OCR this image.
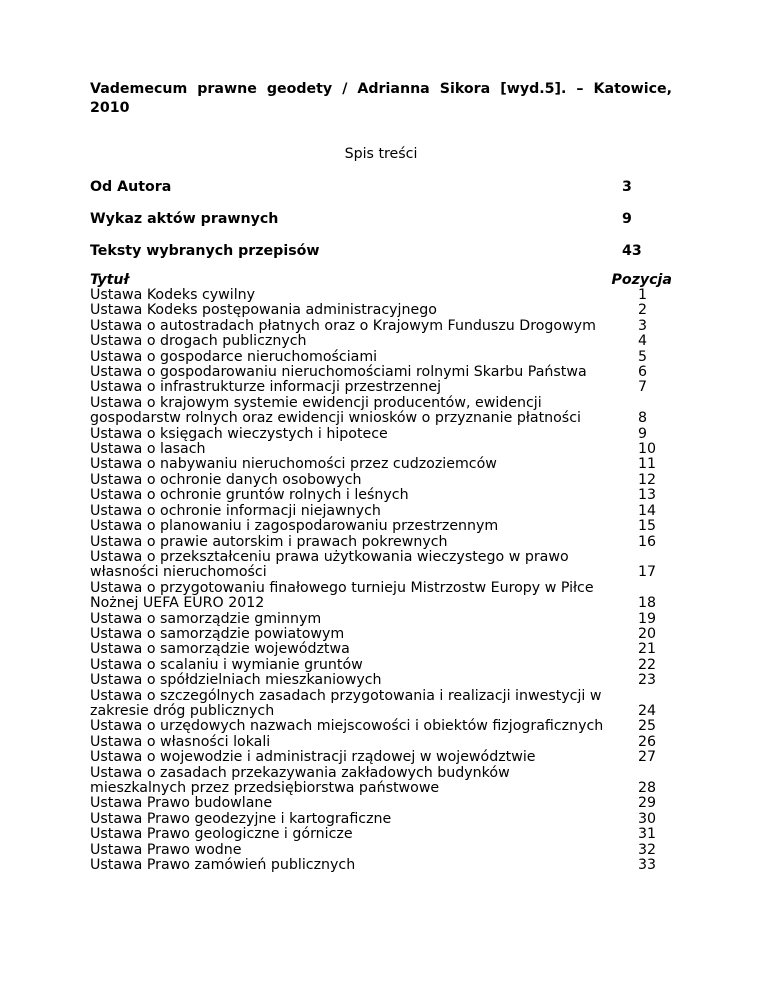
Vademecum prawne geodety / Adrianna Sikora [wyd.5]. – Katowice, 2010
Spis treści
Od Autora	3
Wykaz aktów prawnych	9
Teksty wybranych przepisów	43
Tytuł	Pozycja
Ustawa Kodeks cywilny	1
Ustawa Kodeks postępowania administracyjnego	2
Ustawa o autostradach płatnych oraz o Krajowym Funduszu Drogowym	3
Ustawa o drogach publicznych	4
Ustawa o gospodarce nieruchomościami	5
Ustawa o gospodarowaniu nieruchomościami rolnymi Skarbu Państwa	6
Ustawa o infrastrukturze informacji przestrzennej	7
Ustawa o krajowym systemie ewidencji producentów, ewidencji gospodarstw rolnych oraz ewidencji wniosków o przyznanie płatności	8
Ustawa o księgach wieczystych i hipotece	9
Ustawa o lasach	10
Ustawa o nabywaniu nieruchomości przez cudzoziemców	11
Ustawa o ochronie danych osobowych	12
Ustawa o ochronie gruntów rolnych i leśnych	13
Ustawa o ochronie informacji niejawnych	14
Ustawa o planowaniu i zagospodarowaniu przestrzennym	15
Ustawa o prawie autorskim i prawach pokrewnych	16
Ustawa o przekształceniu prawa użytkowania wieczystego w prawo własności nieruchomości	17
Ustawa o przygotowaniu finałowego turnieju Mistrzostw Europy w Piłce Nożnej UEFA EURO 2012	18
Ustawa o samorządzie gminnym	19
Ustawa o samorządzie powiatowym	20
Ustawa o samorządzie województwa	21
Ustawa o scalaniu i wymianie gruntów	22
Ustawa o spółdzielniach mieszkaniowych	23
Ustawa o szczególnych zasadach przygotowania i realizacji inwestycji w zakresie dróg publicznych	24
Ustawa o urzędowych nazwach miejscowości i obiektów fizjograficznych	25
Ustawa o własności lokali	26
Ustawa o wojewodzie i administracji rządowej w województwie	27
Ustawa o zasadach przekazywania zakładowych budynków mieszkalnych przez przedsiębiorstwa państwowe	28
Ustawa Prawo budowlane	29
Ustawa Prawo geodezyjne i kartograficzne	30
Ustawa Prawo geologiczne i górnicze	31
Ustawa Prawo wodne	32
Ustawa Prawo zamówień publicznych	33
